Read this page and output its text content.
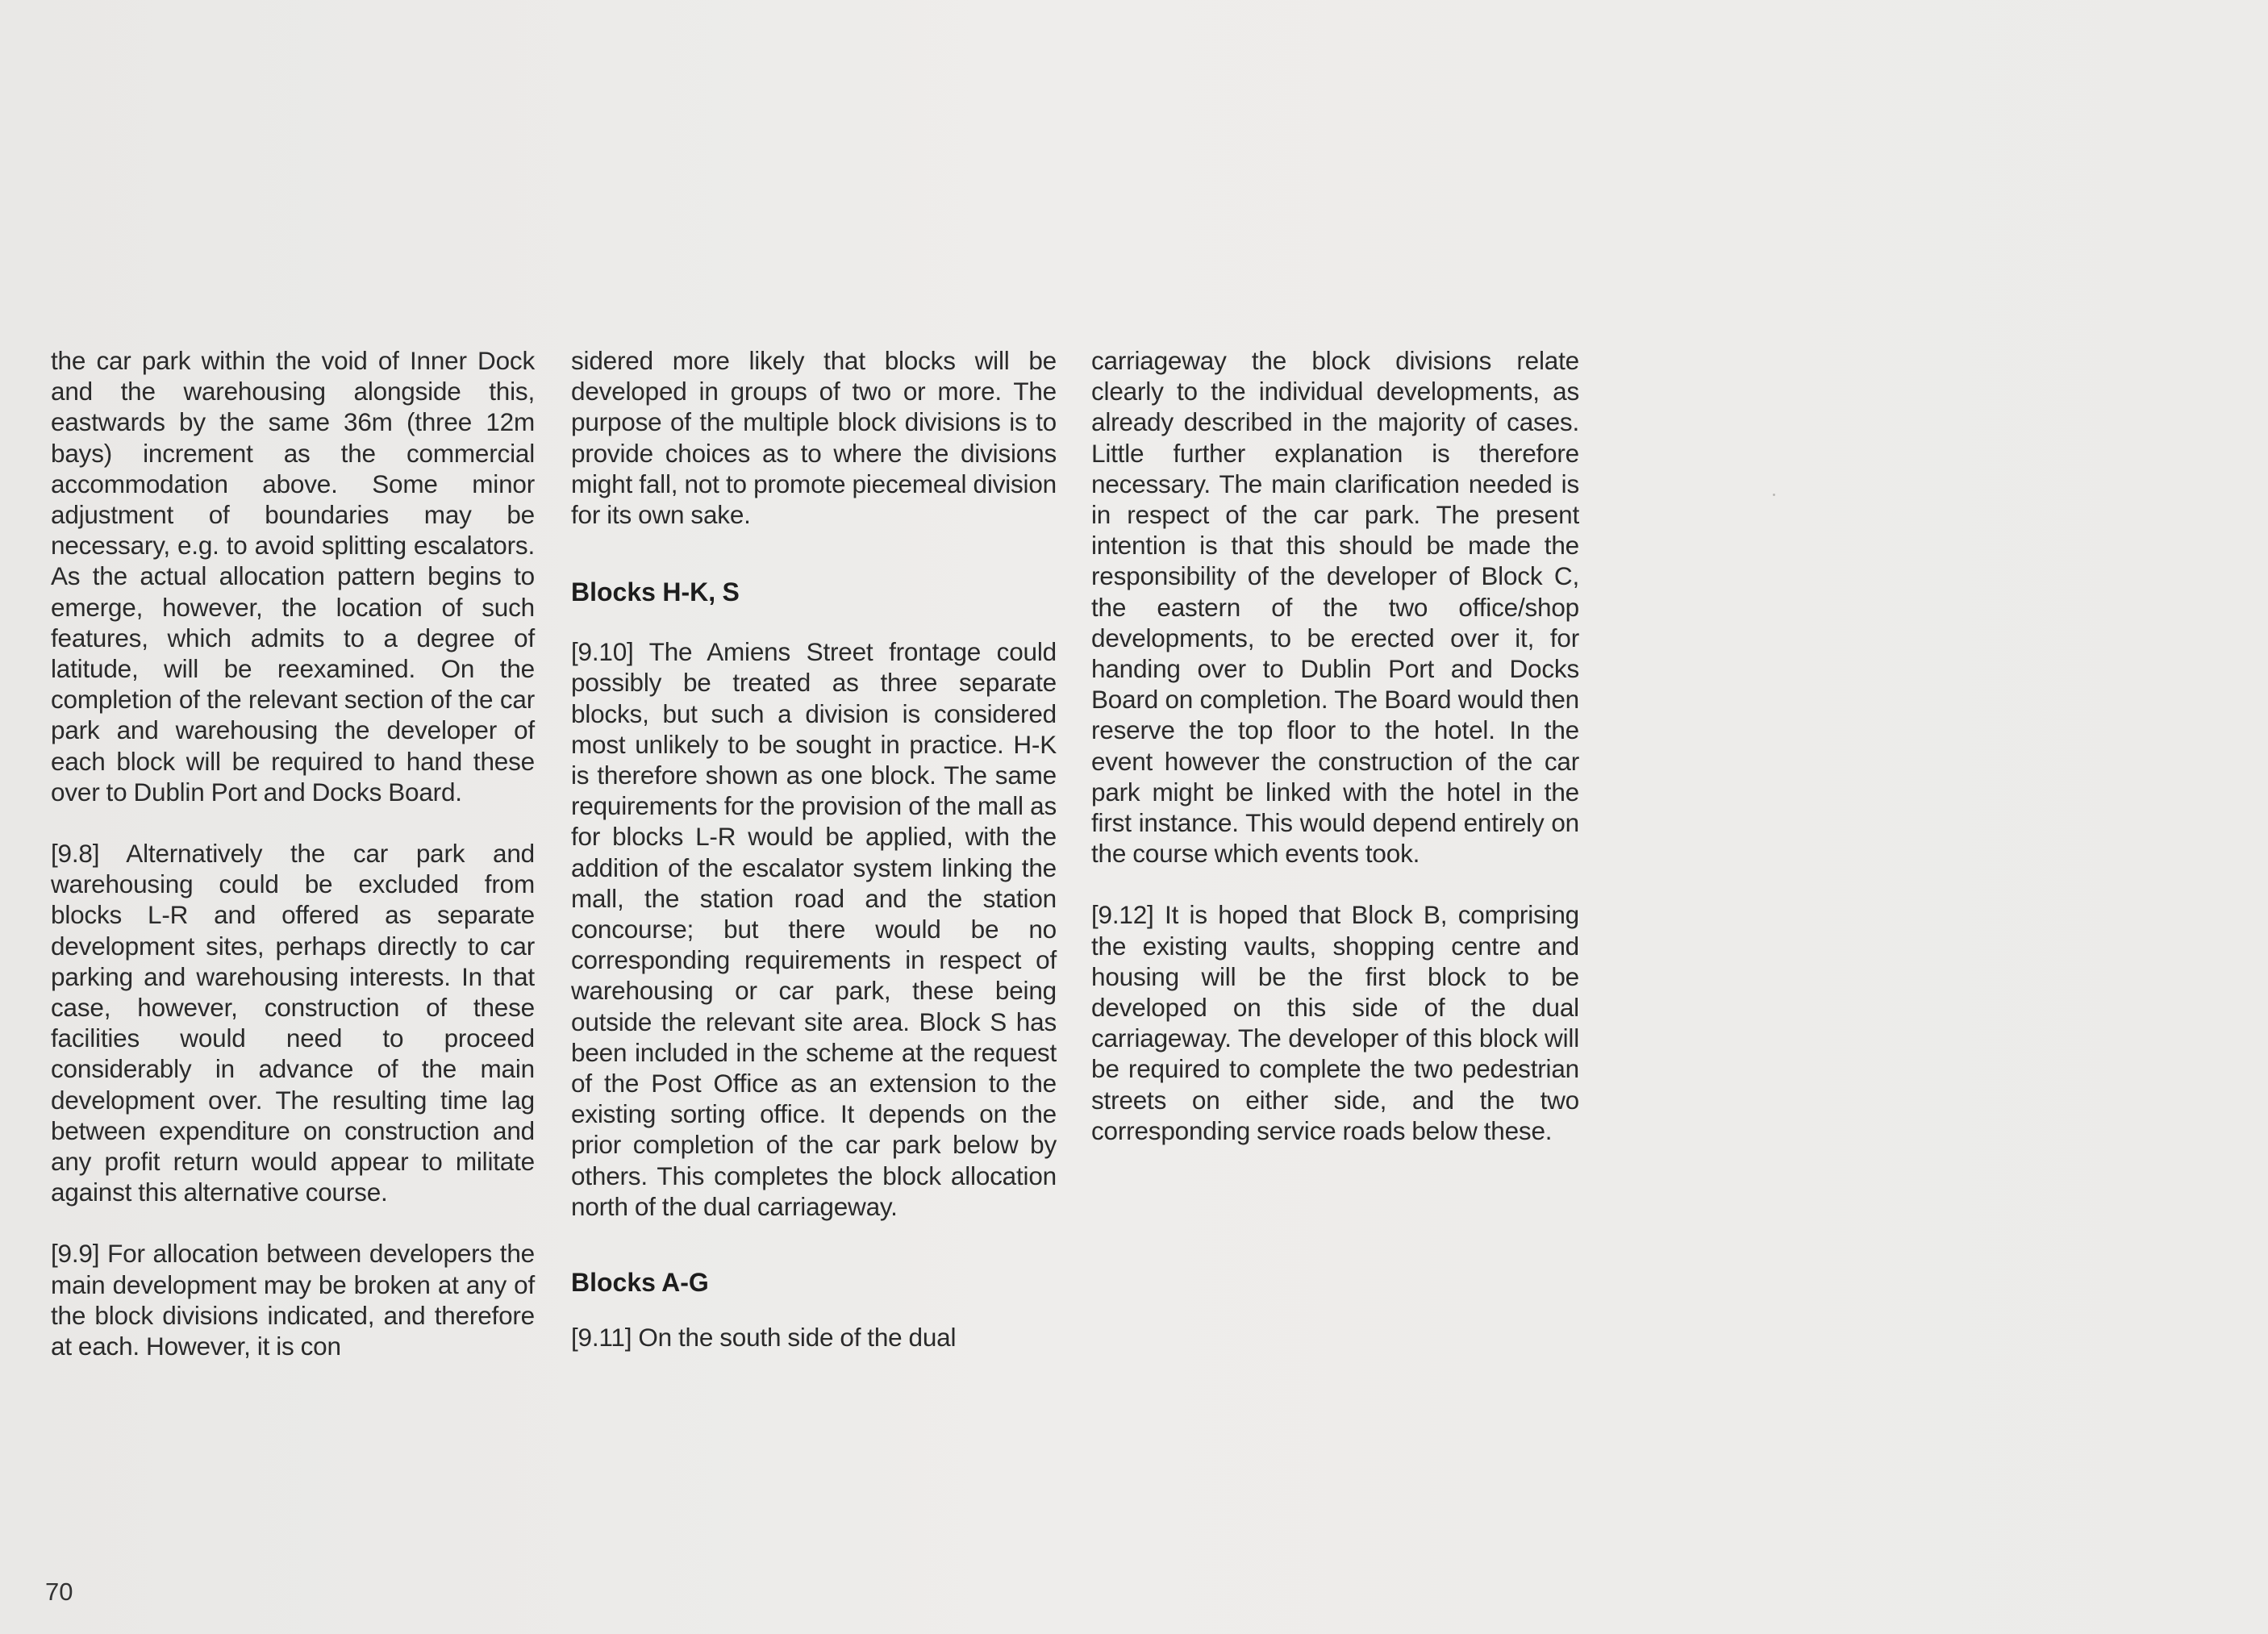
the car park within the void of Inner Dock and the warehousing alongside this, eastwards by the same 36m (three 12m bays) increment as the commercial accommodation above. Some minor adjustment of boundaries may be necessary, e.g. to avoid splitting escalators. As the actual allocation pattern begins to emerge, however, the location of such features, which admits to a degree of latitude, will be reexamined. On the completion of the relevant section of the car park and warehousing the developer of each block will be required to hand these over to Dublin Port and Docks Board.

[9.8] Alternatively the car park and warehousing could be excluded from blocks L-R and offered as separate development sites, perhaps directly to car parking and warehousing interests. In that case, however, construction of these facilities would need to proceed considerably in advance of the main development over. The resulting time lag between expenditure on construction and any profit return would appear to militate against this alternative course.

[9.9] For allocation between developers the main development may be broken at any of the block divisions indicated, and therefore at each. However, it is con

sidered more likely that blocks will be developed in groups of two or more. The purpose of the multiple block divisions is to provide choices as to where the divisions might fall, not to promote piecemeal division for its own sake.

Blocks H-K, S

[9.10] The Amiens Street frontage could possibly be treated as three separate blocks, but such a division is considered most unlikely to be sought in practice. H-K is therefore shown as one block. The same requirements for the provision of the mall as for blocks L-R would be applied, with the addition of the escalator system linking the mall, the station road and the station concourse; but there would be no corresponding requirements in respect of warehousing or car park, these being outside the relevant site area. Block S has been included in the scheme at the request of the Post Office as an extension to the existing sorting office. It depends on the prior completion of the car park below by others. This completes the block allocation north of the dual carriageway.

Blocks A-G

[9.11] On the south side of the dual

carriageway the block divisions relate clearly to the individual developments, as already described in the majority of cases. Little further explanation is therefore necessary. The main clarification needed is in respect of the car park. The present intention is that this should be made the responsibility of the developer of Block C, the eastern of the two office/shop developments, to be erected over it, for handing over to Dublin Port and Docks Board on completion. The Board would then reserve the top floor to the hotel. In the event however the construction of the car park might be linked with the hotel in the first instance. This would depend entirely on the course which events took.

[9.12] It is hoped that Block B, comprising the existing vaults, shopping centre and housing will be the first block to be developed on this side of the dual carriageway. The developer of this block will be required to complete the two pedestrian streets on either side, and the two corresponding service roads below these.

70
